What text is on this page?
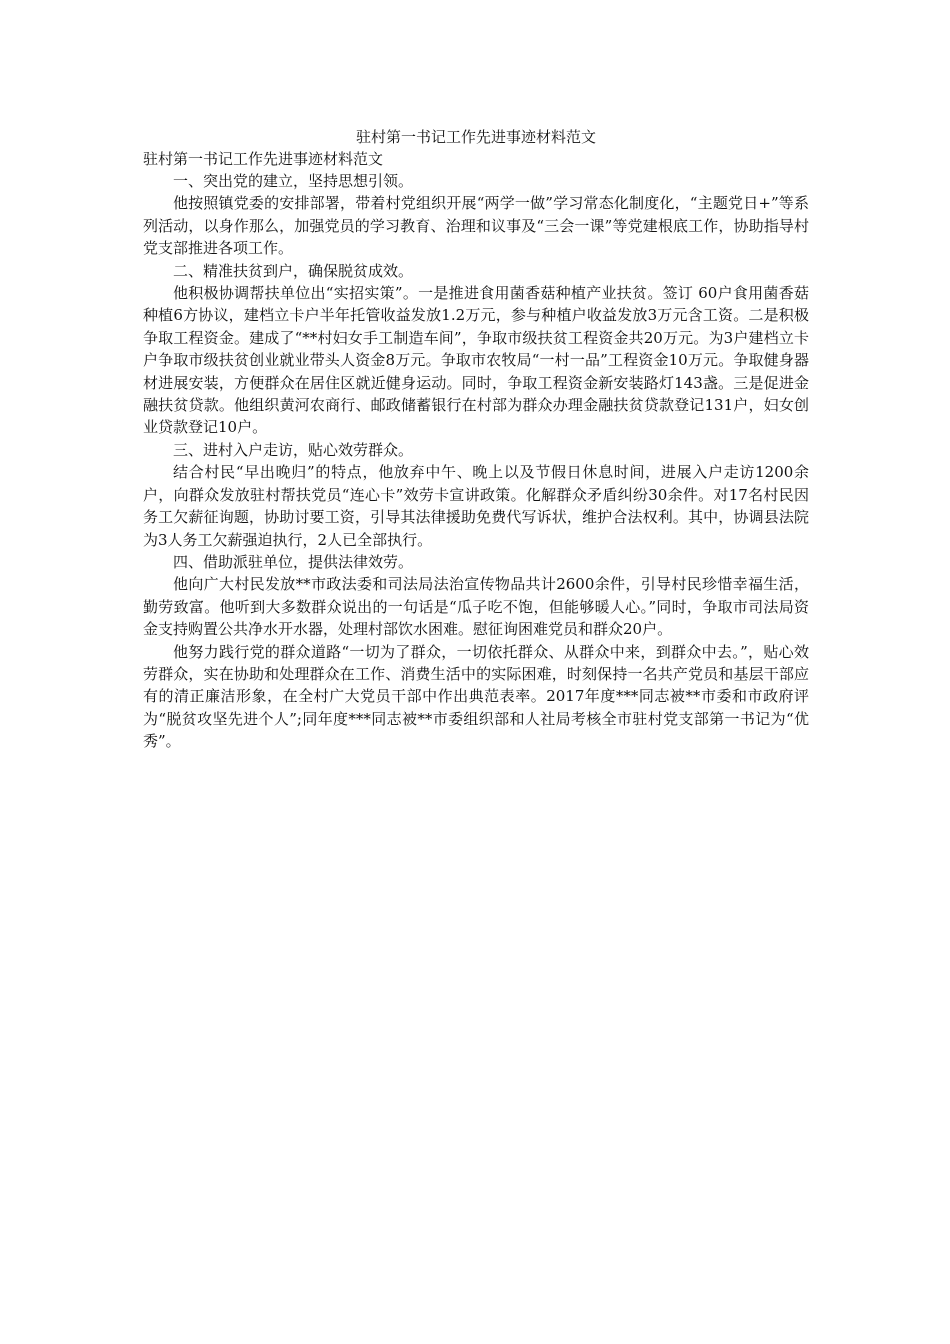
驻村第一书记工作先进事迹材料范文

驻村第一书记工作先进事迹材料范文

一、突出党的建立，坚持思想引领。

他按照镇党委的安排部署，带着村党组织开展“两学一做”学习常态化制度化，“主题党日+”等系列活动，以身作那么，加强党员的学习教育、治理和议事及“三会一课”等党建根底工作，协助指导村党支部推进各项工作。

二、精准扶贫到户，确保脱贫成效。

他积极协调帮扶单位出“实招实策”。一是推进食用菌香菇种植产业扶贫。签订 60户食用菌香菇种植6方协议，建档立卡户半年托管收益发放1.2万元，参与种植户收益发放3万元含工资。二是积极争取工程资金。建成了“**村妇女手工制造车间”，争取市级扶贫工程资金共20万元。为3户建档立卡户争取市级扶贫创业就业带头人资金8万元。争取市农牧局“一村一品”工程资金10万元。争取健身器材进展安装，方便群众在居住区就近健身运动。同时，争取工程资金新安装路灯143盏。三是促进金融扶贫贷款。他组织黄河农商行、邮政储蓄银行在村部为群众办理金融扶贫贷款登记131户，妇女创业贷款登记10户。

三、进村入户走访，贴心效劳群众。

结合村民“早出晚归”的特点，他放弃中午、晚上以及节假日休息时间，进展入户走访1200余户，向群众发放驻村帮扶党员“连心卡”效劳卡宣讲政策。化解群众矛盾纠纷30余件。对17名村民因务工欠薪征询题，协助讨要工资，引导其法律援助免费代写诉状，维护合法权利。其中，协调县法院为3人务工欠薪强迫执行，2人已全部执行。

四、借助派驻单位，提供法律效劳。

他向广大村民发放**市政法委和司法局法治宣传物品共计2600余件，引导村民珍惜幸福生活，勤劳致富。他听到大多数群众说出的一句话是“瓜子吃不饱，但能够暖人心。”同时，争取市司法局资金支持购置公共净水开水器，处理村部饮水困难。慰征询困难党员和群众20户。

他努力践行党的群众道路“一切为了群众，一切依托群众、从群众中来，到群众中去。”，贴心效劳群众，实在协助和处理群众在工作、消费生活中的实际困难，时刻保持一名共产党员和基层干部应有的清正廉洁形象，在全村广大党员干部中作出典范表率。2017年度***同志被**市委和市政府评为“脱贫攻坚先进个人”;同年度***同志被**市委组织部和人社局考核全市驻村党支部第一书记为“优秀”。
